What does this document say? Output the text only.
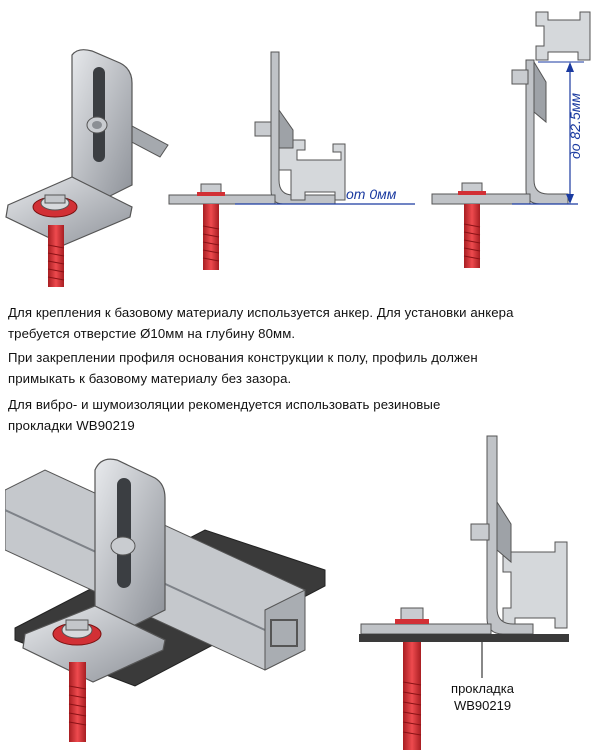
от 0мм
до 82.5мм
Для крепления к базовому материалу используется анкер. Для установки анкера
требуется отверстие Ø10мм на глубину 80мм.
При закреплении профиля основания конструкции к полу, профиль должен
примыкать к базовому материалу без зазора.
Для вибро- и шумоизоляции рекомендуется использовать резиновые
прокладки WB90219
прокладка
WB90219
